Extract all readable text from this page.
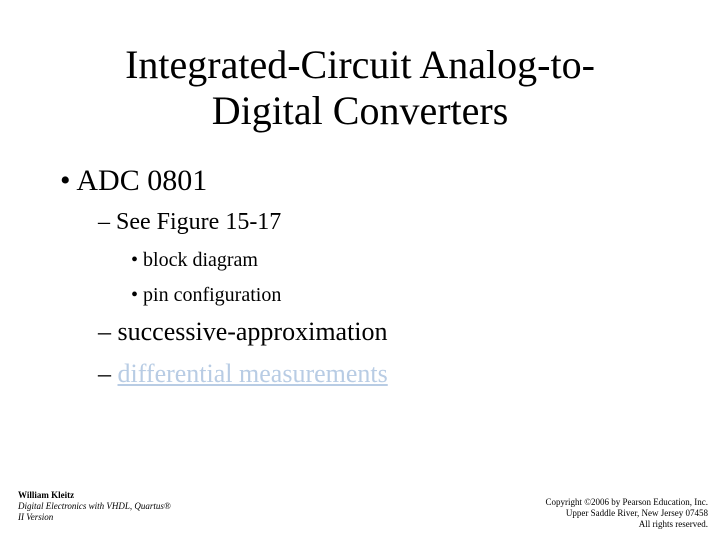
Integrated-Circuit Analog-to-
Digital Converters
• ADC 0801
– See Figure 15-17
• block diagram
• pin configuration
– successive-approximation
– differential measurements
William Kleitz
Digital Electronics with VHDL, Quartus®
II Version
Copyright ©2006 by Pearson Education, Inc.
Upper Saddle River, New Jersey 07458
All rights reserved.
